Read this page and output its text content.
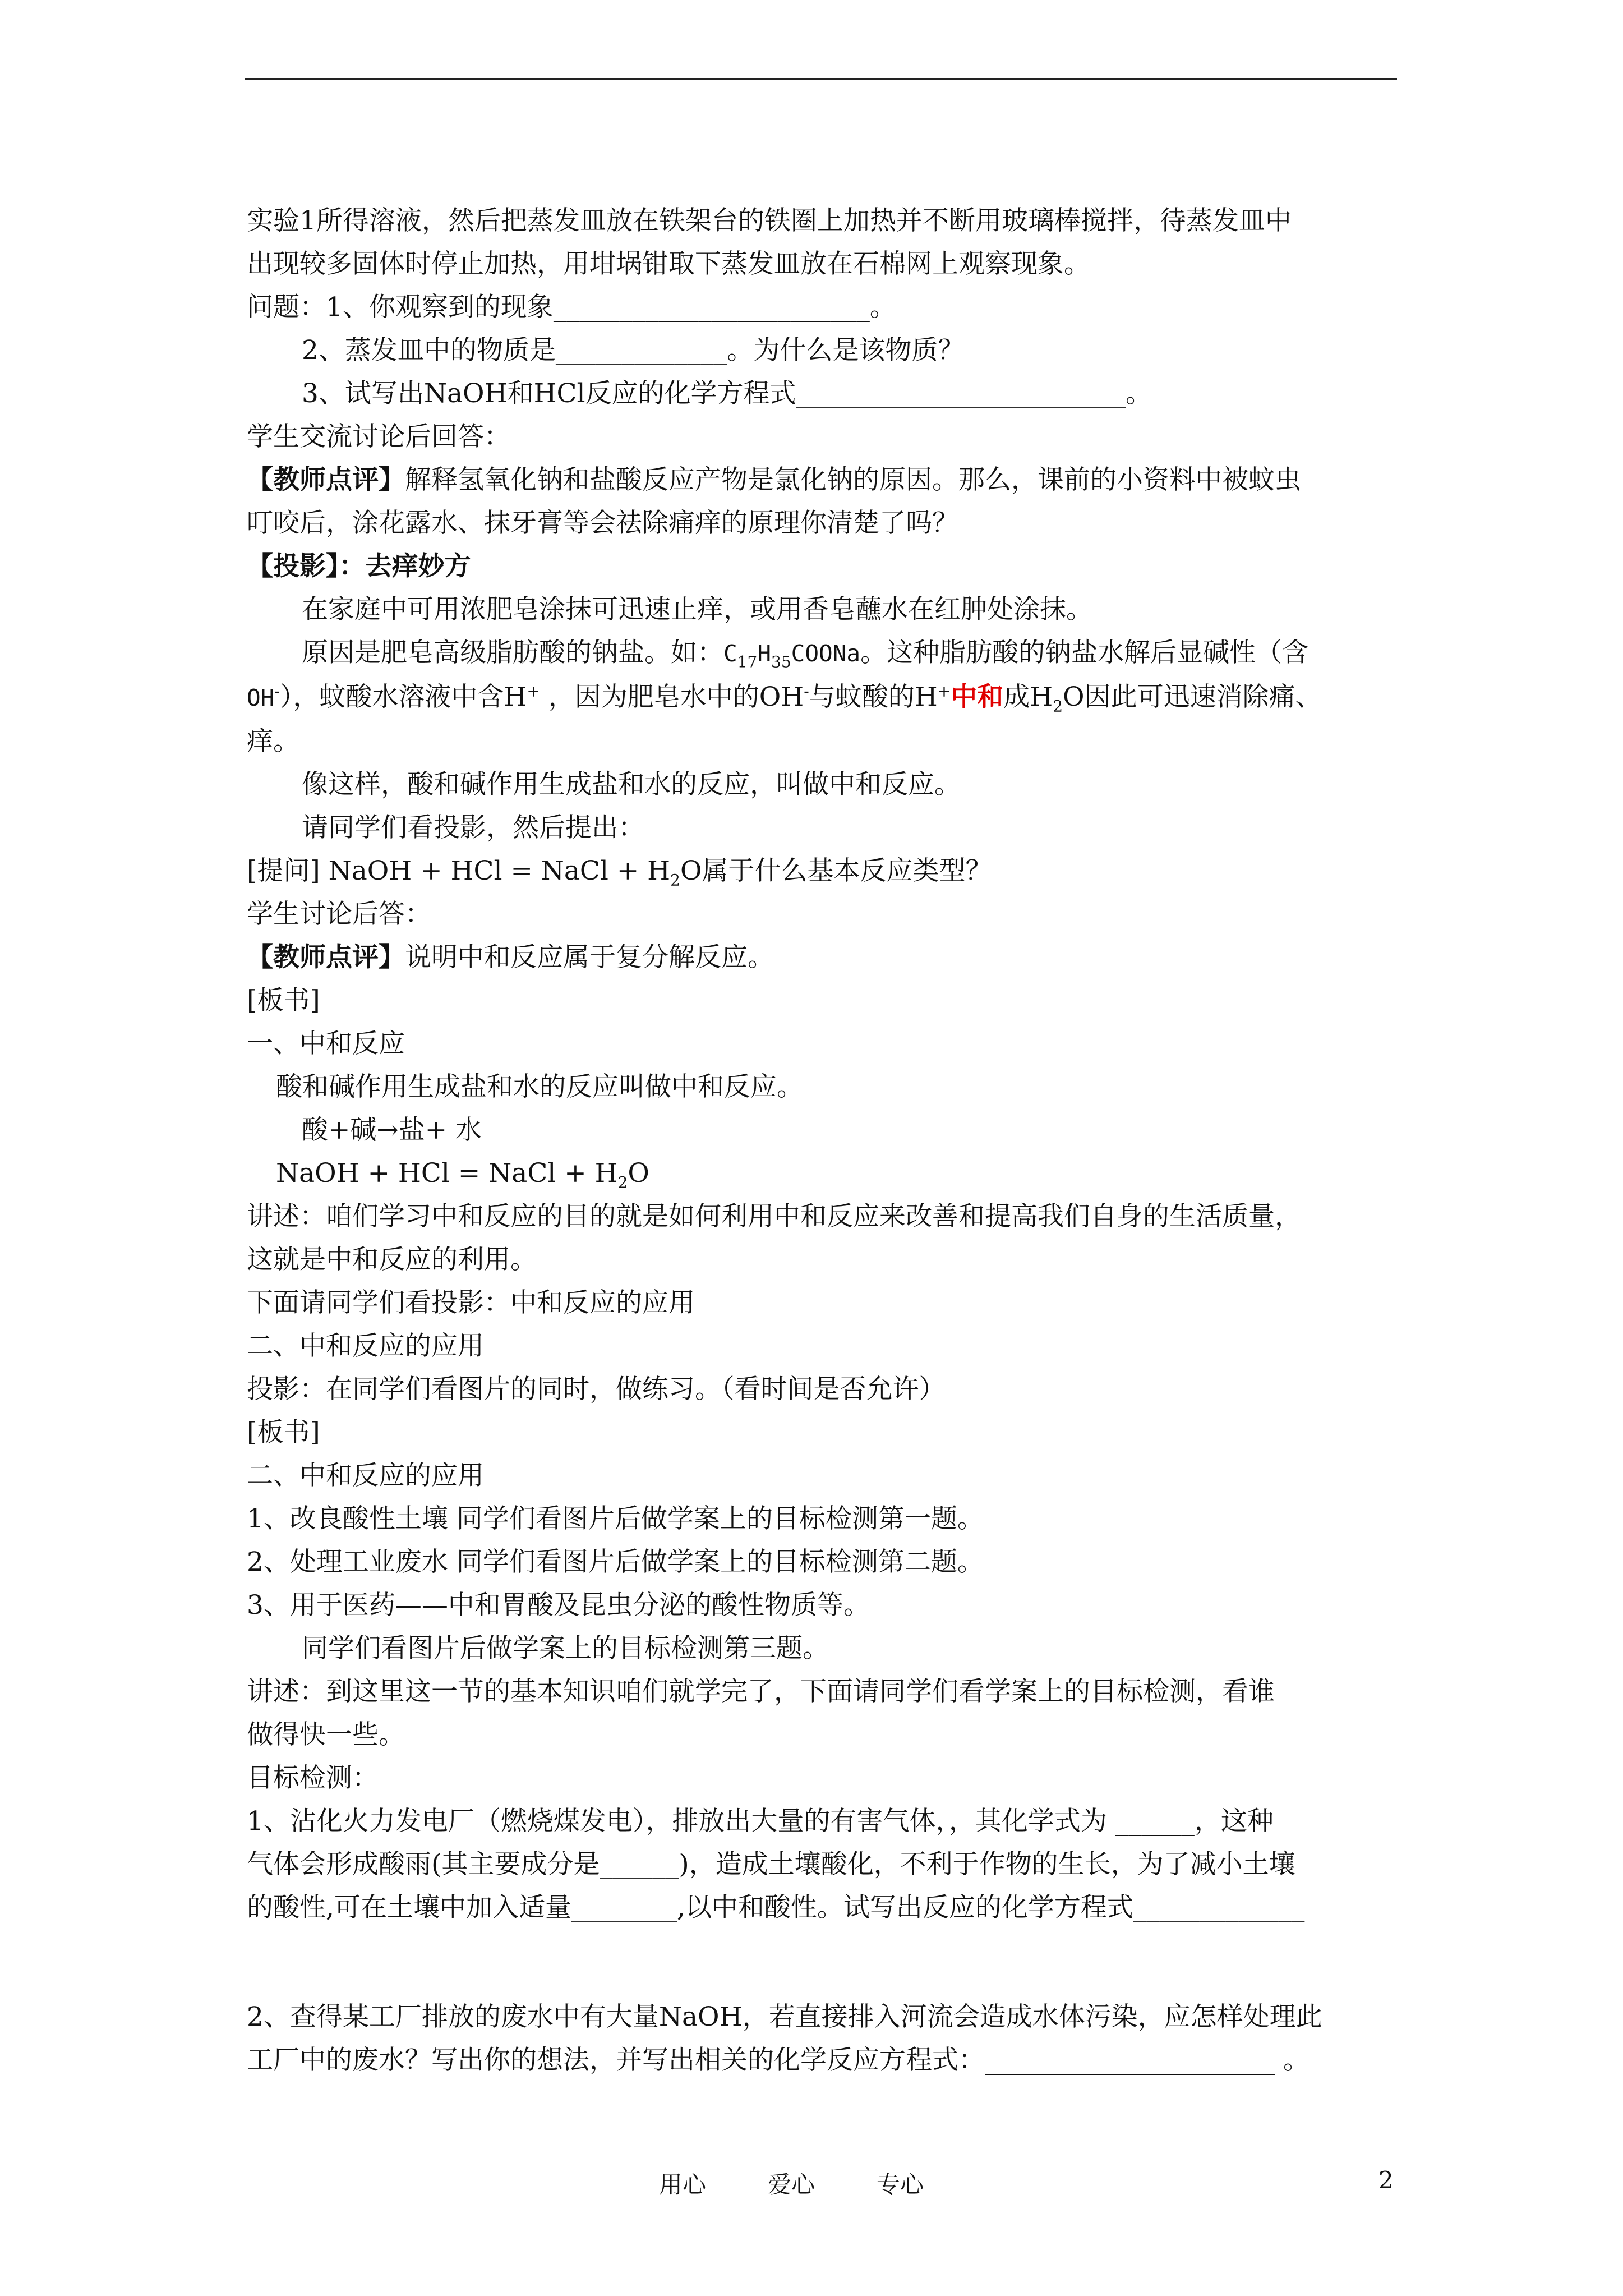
实验1所得溶液，然后把蒸发皿放在铁架台的铁圈上加热并不断用玻璃棒搅拌，待蒸发皿中
出现较多固体时停止加热，用坩埚钳取下蒸发皿放在石棉网上观察现象。
问题：1、你观察到的现象________________________。
2、蒸发皿中的物质是_____________。为什么是该物质？
3、试写出NaOH和HCl反应的化学方程式_________________________。
学生交流讨论后回答：
【教师点评】解释氢氧化钠和盐酸反应产物是氯化钠的原因。那么，课前的小资料中被蚊虫
叮咬后，涂花露水、抹牙膏等会祛除痛痒的原理你清楚了吗？
【投影】：去痒妙方
在家庭中可用浓肥皂涂抹可迅速止痒，或用香皂蘸水在红肿处涂抹。
原因是肥皂高级脂肪酸的钠盐。如：$C_{17}H_{35}COONa$。这种脂肪酸的钠盐水解后显碱性（含
OH-），蚊酸水溶液中含H+ ，因为肥皂水中的OH-与蚊酸的H+中和成$H_2O$因此可迅速消除痛、
痒。
像这样，酸和碱作用生成盐和水的反应，叫做中和反应。
请同学们看投影，然后提出：
[提问] NaOH + HCl = NaCl + $H_2O$属于什么基本反应类型？
学生讨论后答：
【教师点评】说明中和反应属于复分解反应。
[板书]
一、中和反应
酸和碱作用生成盐和水的反应叫做中和反应。
酸+碱→盐+ 水
NaOH + HCl = NaCl + $H_2O$
讲述：咱们学习中和反应的目的就是如何利用中和反应来改善和提高我们自身的生活质量，
这就是中和反应的利用。
下面请同学们看投影：中和反应的应用
二、中和反应的应用
投影：在同学们看图片的同时，做练习。（看时间是否允许）
[板书]
二、中和反应的应用
1、改良酸性土壤 同学们看图片后做学案上的目标检测第一题。
2、处理工业废水 同学们看图片后做学案上的目标检测第二题。
3、用于医药——中和胃酸及昆虫分泌的酸性物质等。
同学们看图片后做学案上的目标检测第三题。
讲述：到这里这一节的基本知识咱们就学完了，下面请同学们看学案上的目标检测，看谁
做得快一些。
目标检测：
1、沾化火力发电厂（燃烧煤发电），排放出大量的有害气体，，其化学式为 ______，这种
气体会形成酸雨(其主要成分是______)，造成土壤酸化，不利于作物的生长，为了减小土壤
的酸性,可在土壤中加入适量________,以中和酸性。试写出反应的化学方程式_____________
2、查得某工厂排放的废水中有大量NaOH，若直接排入河流会造成水体污染，应怎样处理此
工厂中的废水？写出你的想法，并写出相关的化学反应方程式：______________________ 。
用心	爱心	专心	2
